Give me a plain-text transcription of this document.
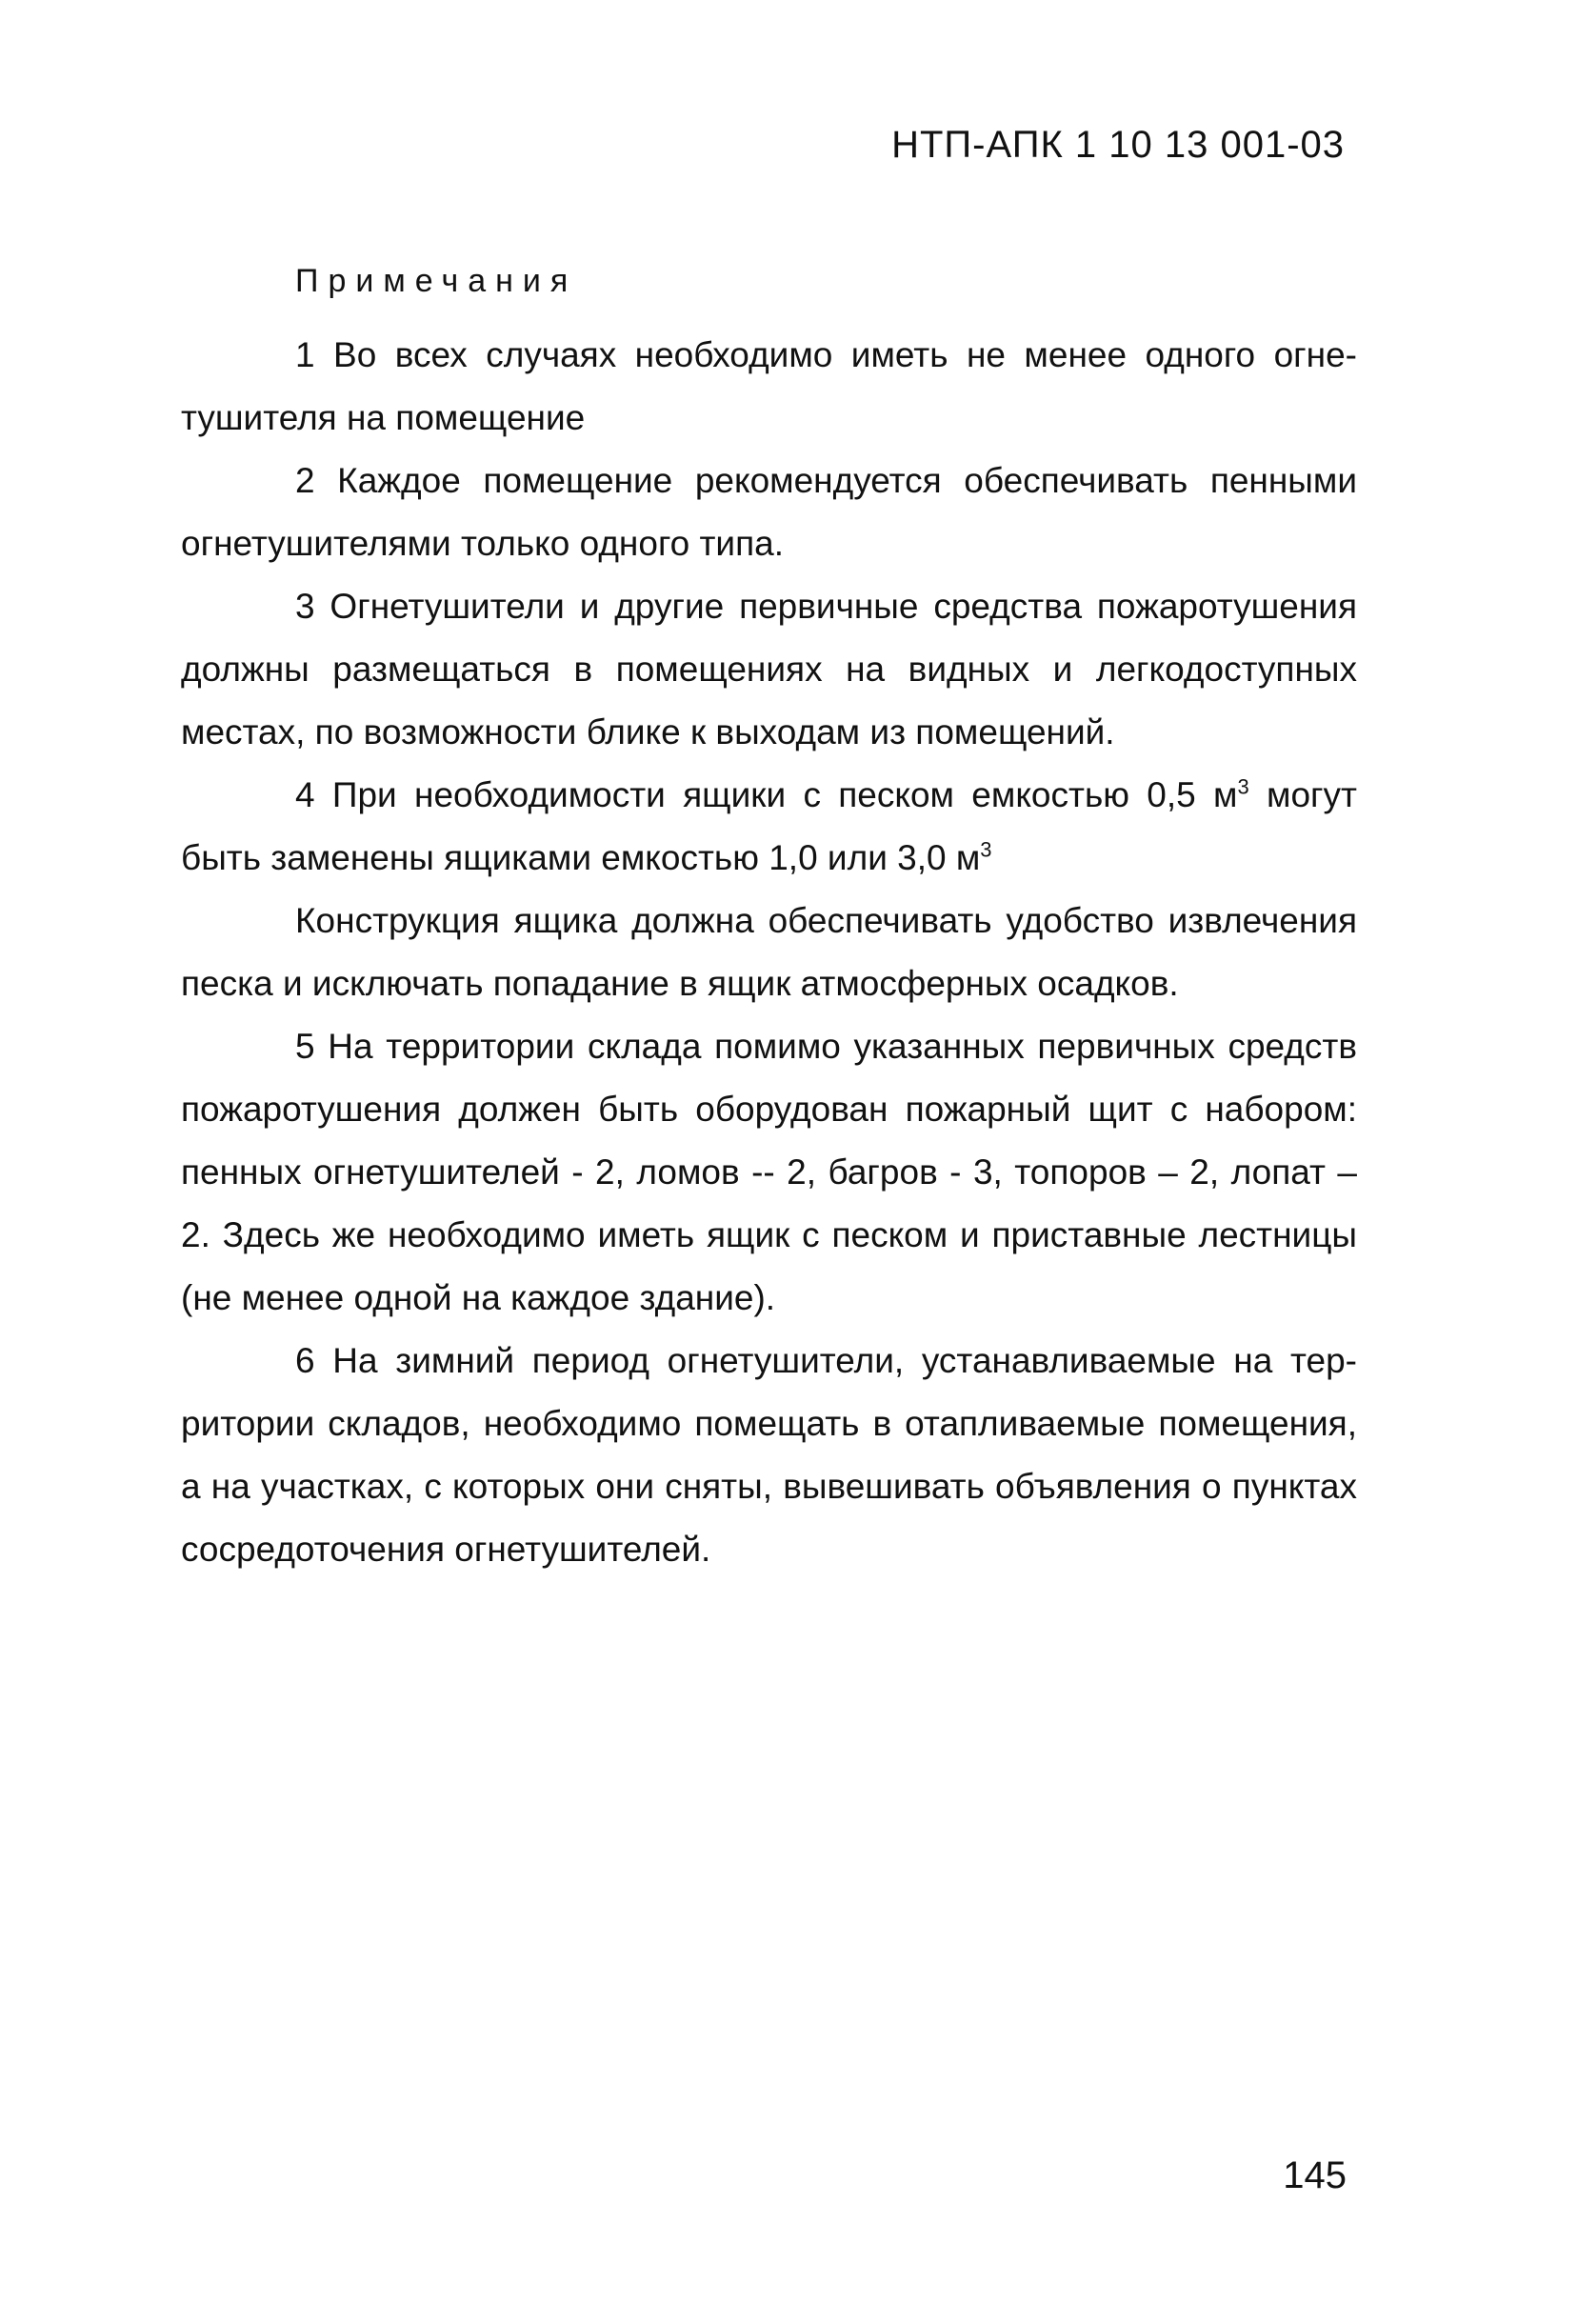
НТП-АПК 1 10 13 001-03
Примечания

1 Во всех случаях необходимо иметь не менее одного огнетушителя на помещение

2 Каждое помещение рекомендуется обеспечивать пенными огнетушителями только одного типа.

3 Огнетушители и другие первичные средства пожаротушения должны размещаться в помещениях на видных и легкодоступных местах, по возможности блике к выходам из помещений.

4 При необходимости ящики с песком емкостью 0,5 $м^3$ могут быть заменены ящиками емкостью 1,0 или 3,0 $м^3$

Конструкция ящика должна обеспечивать удобство извлечения песка и исключать попадание в ящик атмосферных осадков.

5 На территории склада помимо указанных первичных средств пожаротушения должен быть оборудован пожарный щит с набором: пенных огнетушителей - 2, ломов -- 2, багров - 3, топоров – 2, лопат – 2. Здесь же необходимо иметь ящик с песком и приставные лестницы (не менее одной на каждое здание).

6 На зимний период огнетушители, устанавливаемые на территории складов, необходимо помещать в отапливаемые помещения, а на участках, с которых они сняты, вывешивать объявления о пунктах сосредоточения огнетушителей.

145
